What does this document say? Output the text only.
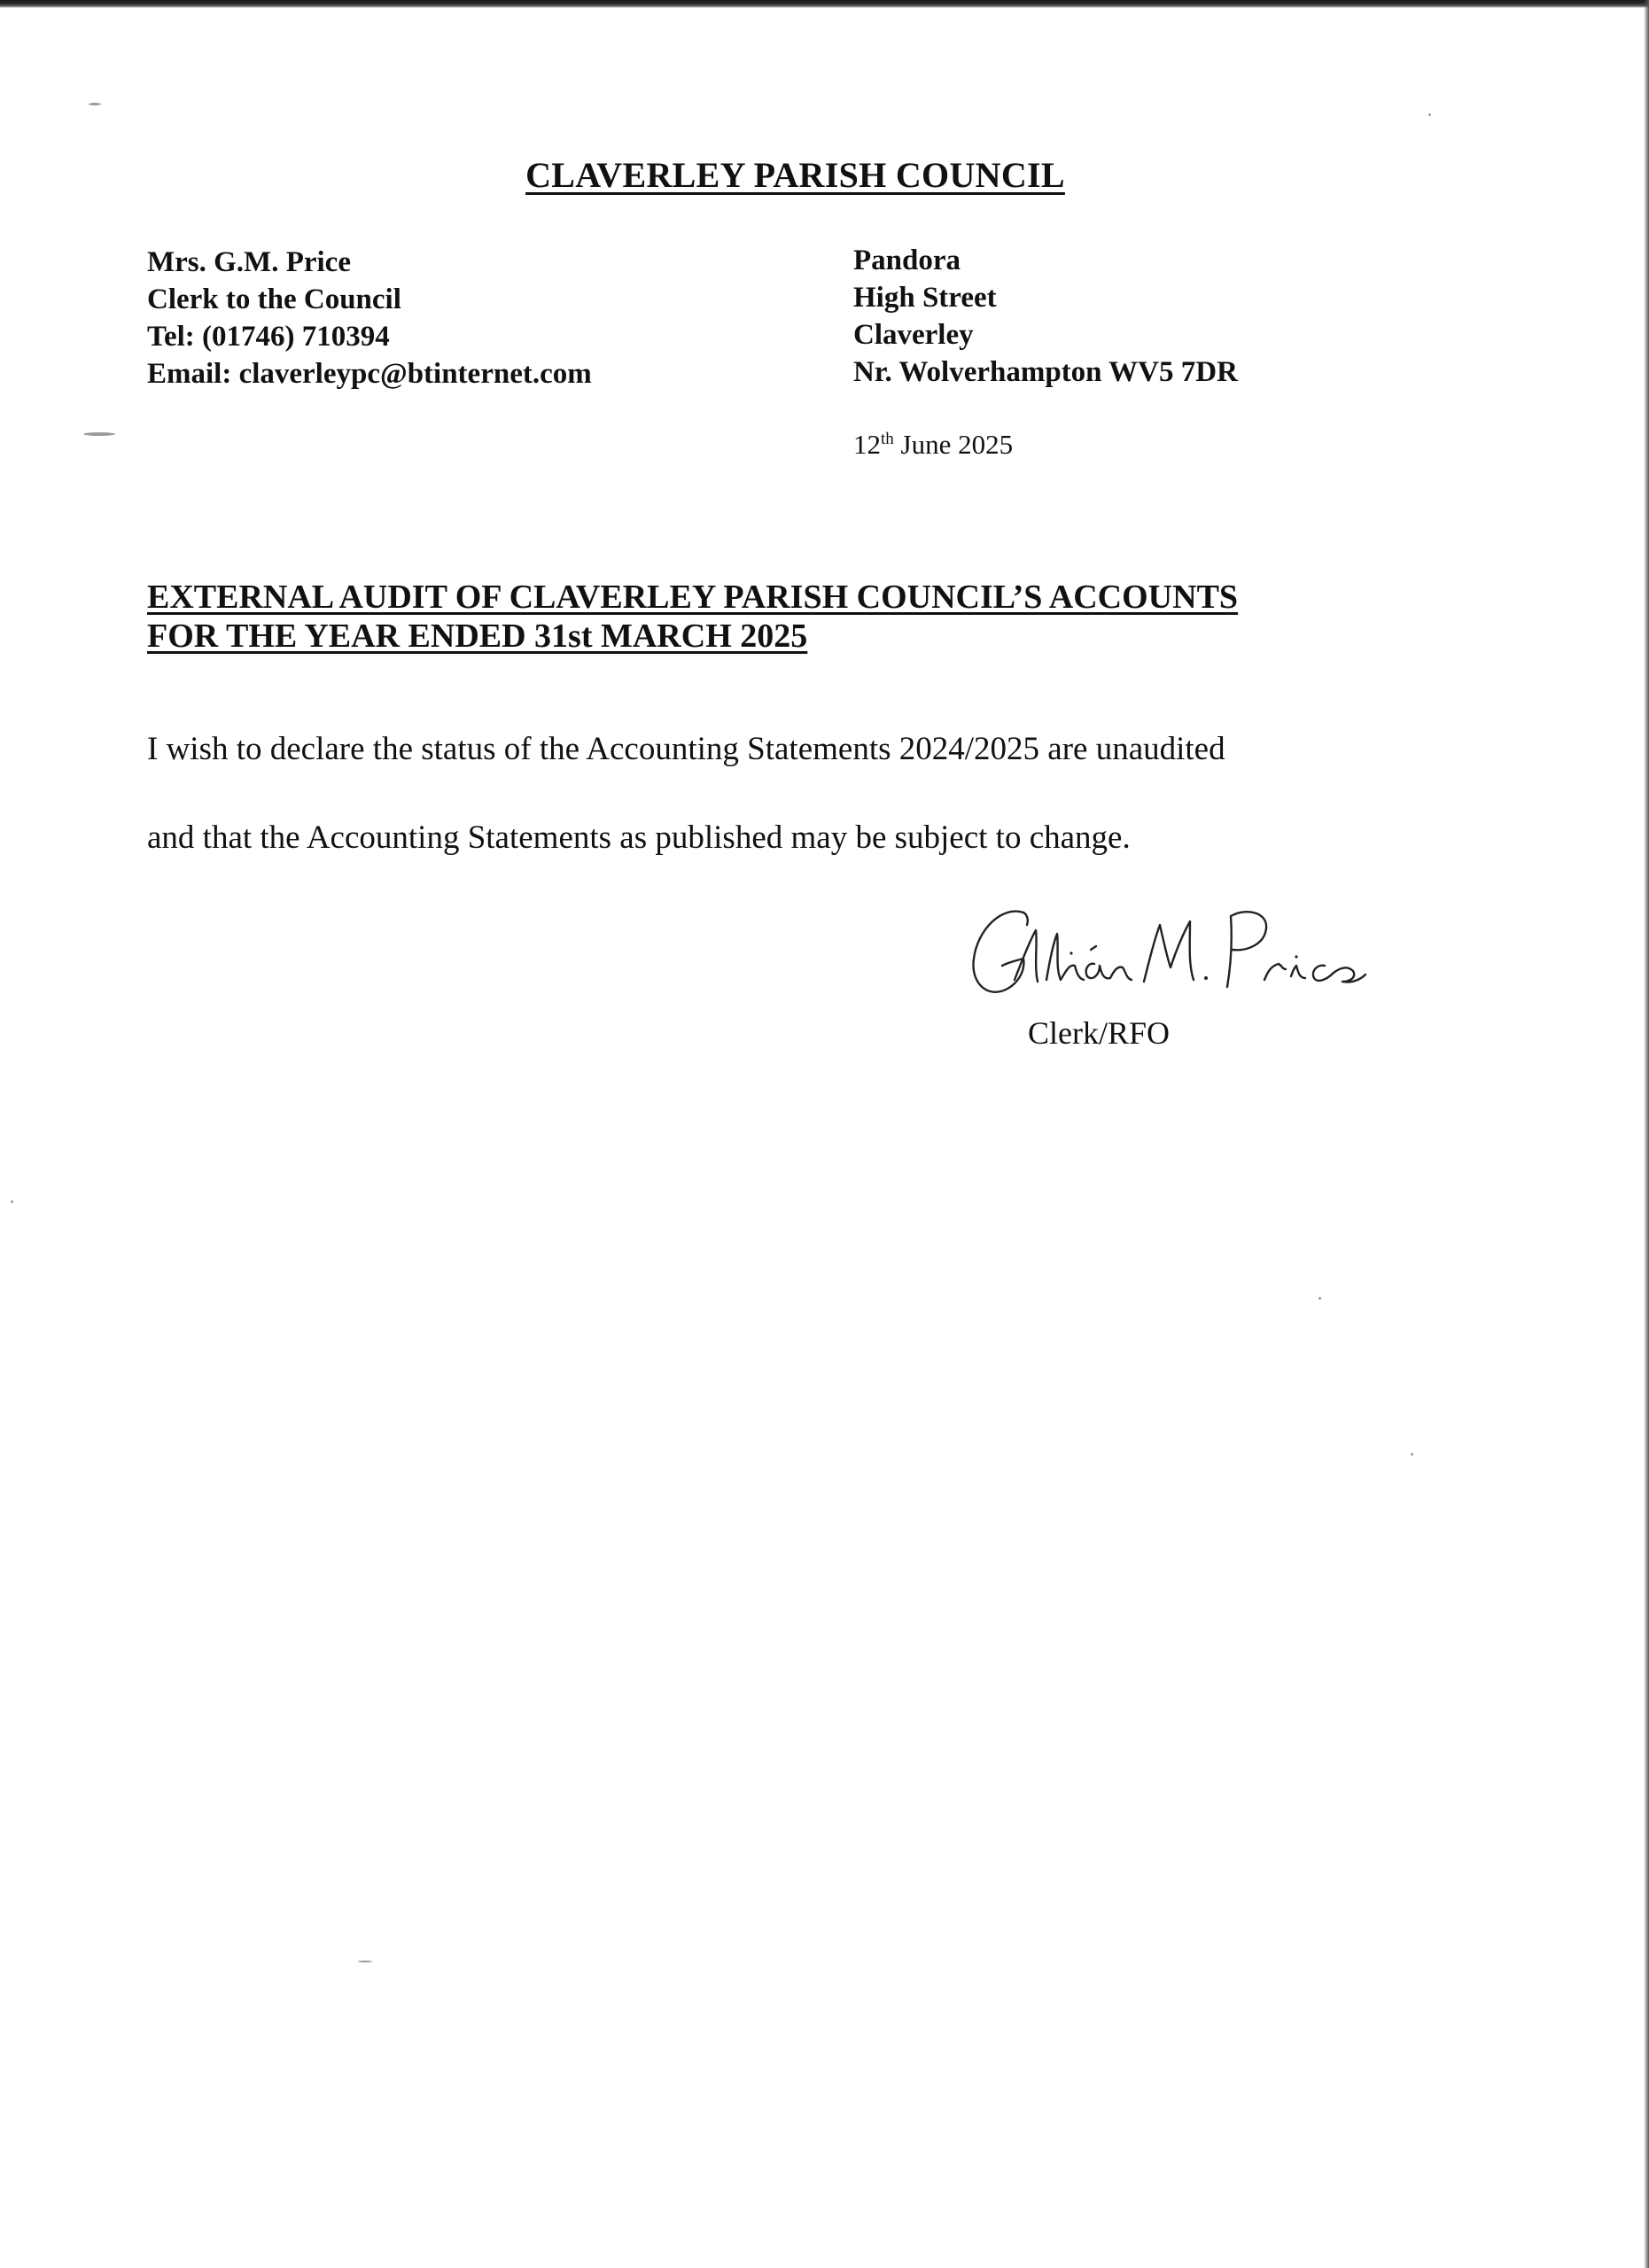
CLAVERLEY PARISH COUNCIL
Mrs. G.M. Price
Clerk to the Council
Tel: (01746) 710394
Email: claverleypc@btinternet.com
Pandora
High Street
Claverley
Nr. Wolverhampton WV5 7DR
12th June 2025
EXTERNAL AUDIT OF CLAVERLEY PARISH COUNCIL’S ACCOUNTS
FOR THE YEAR ENDED 31st MARCH 2025
I wish to declare the status of the Accounting Statements 2024/2025 are unaudited
and that the Accounting Statements as published may be subject to change.
Clerk/RFO
